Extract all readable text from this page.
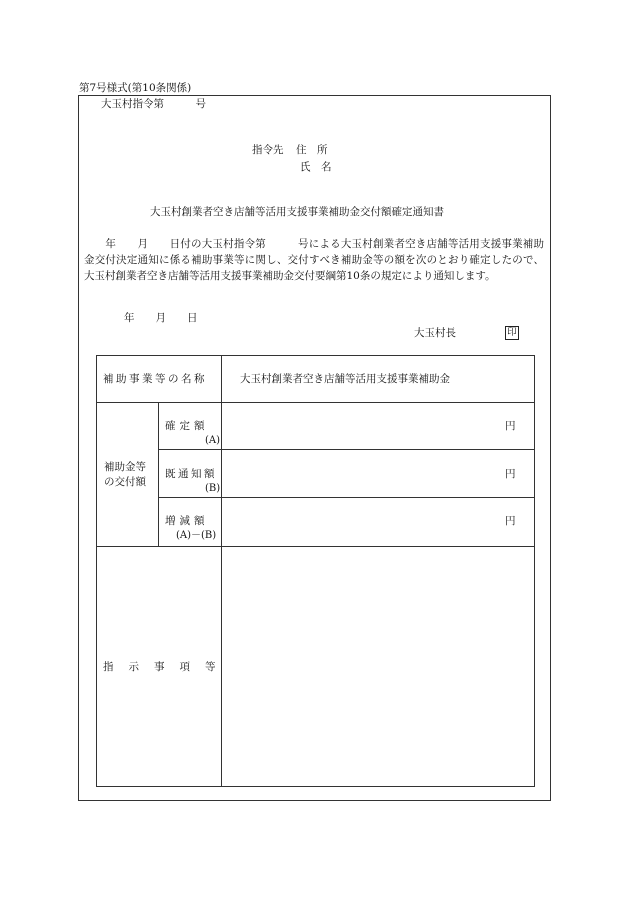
第7号様式(第10条関係)
大玉村指令第　　　号
指令先 住　所
氏　名
大玉村創業者空き店舗等活用支援事業補助金交付額確定通知書
　　年　　月　　日付の大玉村指令第　　　号による大玉村創業者空き店舗等活用支援事業補助金交付決定通知に係る補助事業等に関し、交付すべき補助金等の額を次のとおり確定したので、大玉村創業者空き店舗等活用支援事業補助金交付要綱第10条の規定により通知します。
年　　月　　日
大玉村長	印
補助事業等の名称	大玉村創業者空き店舗等活用支援事業補助金
補助金等
の交付額
確定額
(A)
円
既通知額
(B)
円
増減額
(A)－(B)
円
指示事項等
